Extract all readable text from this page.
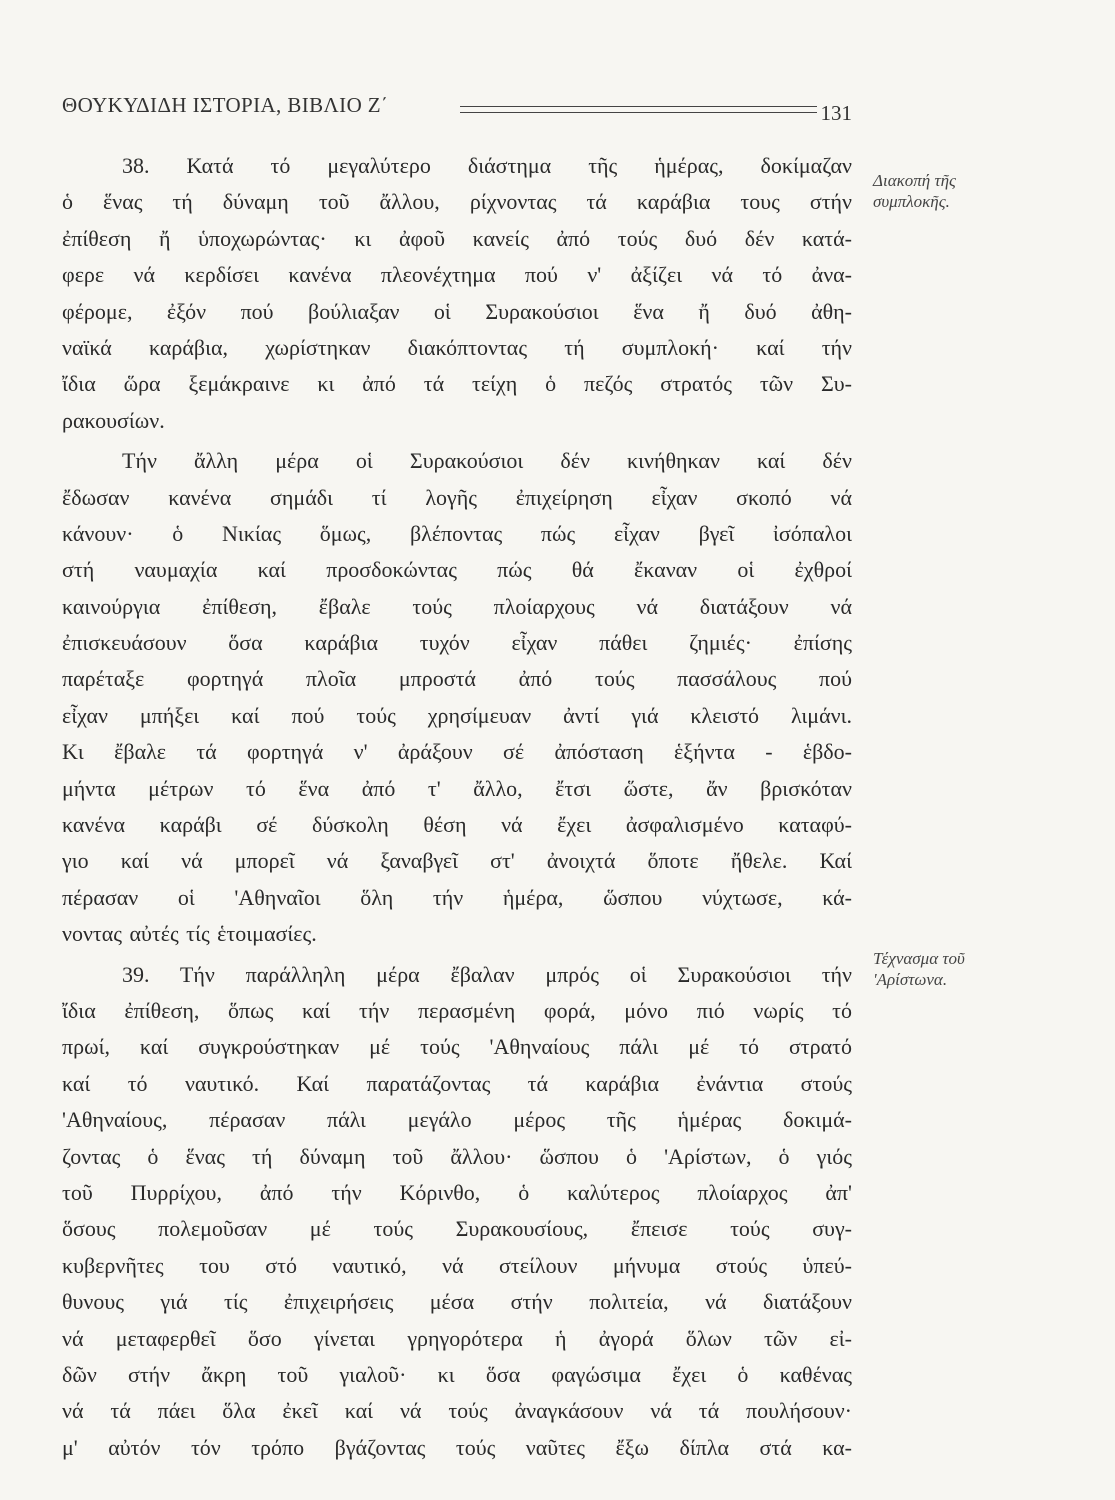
ΘΟΥΚΥΔΙΔΗ ΙΣΤΟΡΙΑ, ΒΙΒΛΙΟ Ζ΄	131
38. Κατά τό μεγαλύτερο διάστημα τῆς ἡμέρας, δοκίμαζαν
ὁ ἕνας τή δύναμη τοῦ ἄλλου, ρίχνοντας τά καράβια τους στήν
ἐπίθεση ἤ ὑποχωρώντας· κι ἀφοῦ κανείς ἀπό τούς δυό δέν κατά-
φερε νά κερδίσει κανένα πλεονέχτημα πού ν' ἀξίζει νά τό ἀνα-
φέρομε, ἐξόν πού βούλιαξαν οἱ Συρακούσιοι ἕνα ἤ δυό ἀθη-
ναϊκά καράβια, χωρίστηκαν διακόπτοντας τή συμπλοκή· καί τήν
ἴδια ὥρα ξεμάκραινε κι ἀπό τά τείχη ὁ πεζός στρατός τῶν Συ-
ρακουσίων.
Τήν ἄλλη μέρα οἱ Συρακούσιοι δέν κινήθηκαν καί δέν
ἔδωσαν κανένα σημάδι τί λογῆς ἐπιχείρηση εἶχαν σκοπό νά
κάνουν· ὁ Νικίας ὅμως, βλέποντας πώς εἶχαν βγεῖ ἰσόπαλοι
στή ναυμαχία καί προσδοκώντας πώς θά ἔκαναν οἱ ἐχθροί
καινούργια ἐπίθεση, ἔβαλε τούς πλοίαρχους νά διατάξουν νά
ἐπισκευάσουν ὅσα καράβια τυχόν εἶχαν πάθει ζημιές· ἐπίσης
παρέταξε φορτηγά πλοῖα μπροστά ἀπό τούς πασσάλους πού
εἶχαν μπήξει καί πού τούς χρησίμευαν ἀντί γιά κλειστό λιμάνι.
Κι ἔβαλε τά φορτηγά ν' ἀράξουν σέ ἀπόσταση ἑξήντα - ἑβδο-
μήντα μέτρων τό ἕνα ἀπό τ' ἄλλο, ἔτσι ὥστε, ἄν βρισκόταν
κανένα καράβι σέ δύσκολη θέση νά ἔχει ἀσφαλισμένο καταφύ-
γιο καί νά μπορεῖ νά ξαναβγεῖ στ' ἀνοιχτά ὅποτε ἤθελε. Καί
πέρασαν οἱ 'Αθηναῖοι ὅλη τήν ἡμέρα, ὥσπου νύχτωσε, κά-
νοντας αὐτές τίς ἑτοιμασίες.
39. Τήν παράλληλη μέρα ἔβαλαν μπρός οἱ Συρακούσιοι τήν
ἴδια ἐπίθεση, ὅπως καί τήν περασμένη φορά, μόνο πιό νωρίς τό
πρωί, καί συγκρούστηκαν μέ τούς 'Αθηναίους πάλι μέ τό στρατό
καί τό ναυτικό. Καί παρατάζοντας τά καράβια ἐνάντια στούς
'Αθηναίους, πέρασαν πάλι μεγάλο μέρος τῆς ἡμέρας δοκιμά-
ζοντας ὁ ἕνας τή δύναμη τοῦ ἄλλου· ὥσπου ὁ 'Αρίστων, ὁ γιός
τοῦ Πυρρίχου, ἀπό τήν Κόρινθο, ὁ καλύτερος πλοίαρχος ἀπ'
ὅσους πολεμοῦσαν μέ τούς Συρακουσίους, ἔπεισε τούς συγ-
κυβερνῆτες του στό ναυτικό, νά στείλουν μήνυμα στούς ὑπεύ-
θυνους γιά τίς ἐπιχειρήσεις μέσα στήν πολιτεία, νά διατάξουν
νά μεταφερθεῖ ὅσο γίνεται γρηγορότερα ἡ ἀγορά ὅλων τῶν εἰ-
δῶν στήν ἄκρη τοῦ γιαλοῦ· κι ὅσα φαγώσιμα ἔχει ὁ καθένας
νά τά πάει ὅλα ἐκεῖ καί νά τούς ἀναγκάσουν νά τά πουλήσουν·
μ' αὐτόν τόν τρόπο βγάζοντας τούς ναῦτες ἔξω δίπλα στά κα-
Διακοπή τῆς
συμπλοκῆς.
Τέχνασμα τοῦ
'Αρίστωνα.
